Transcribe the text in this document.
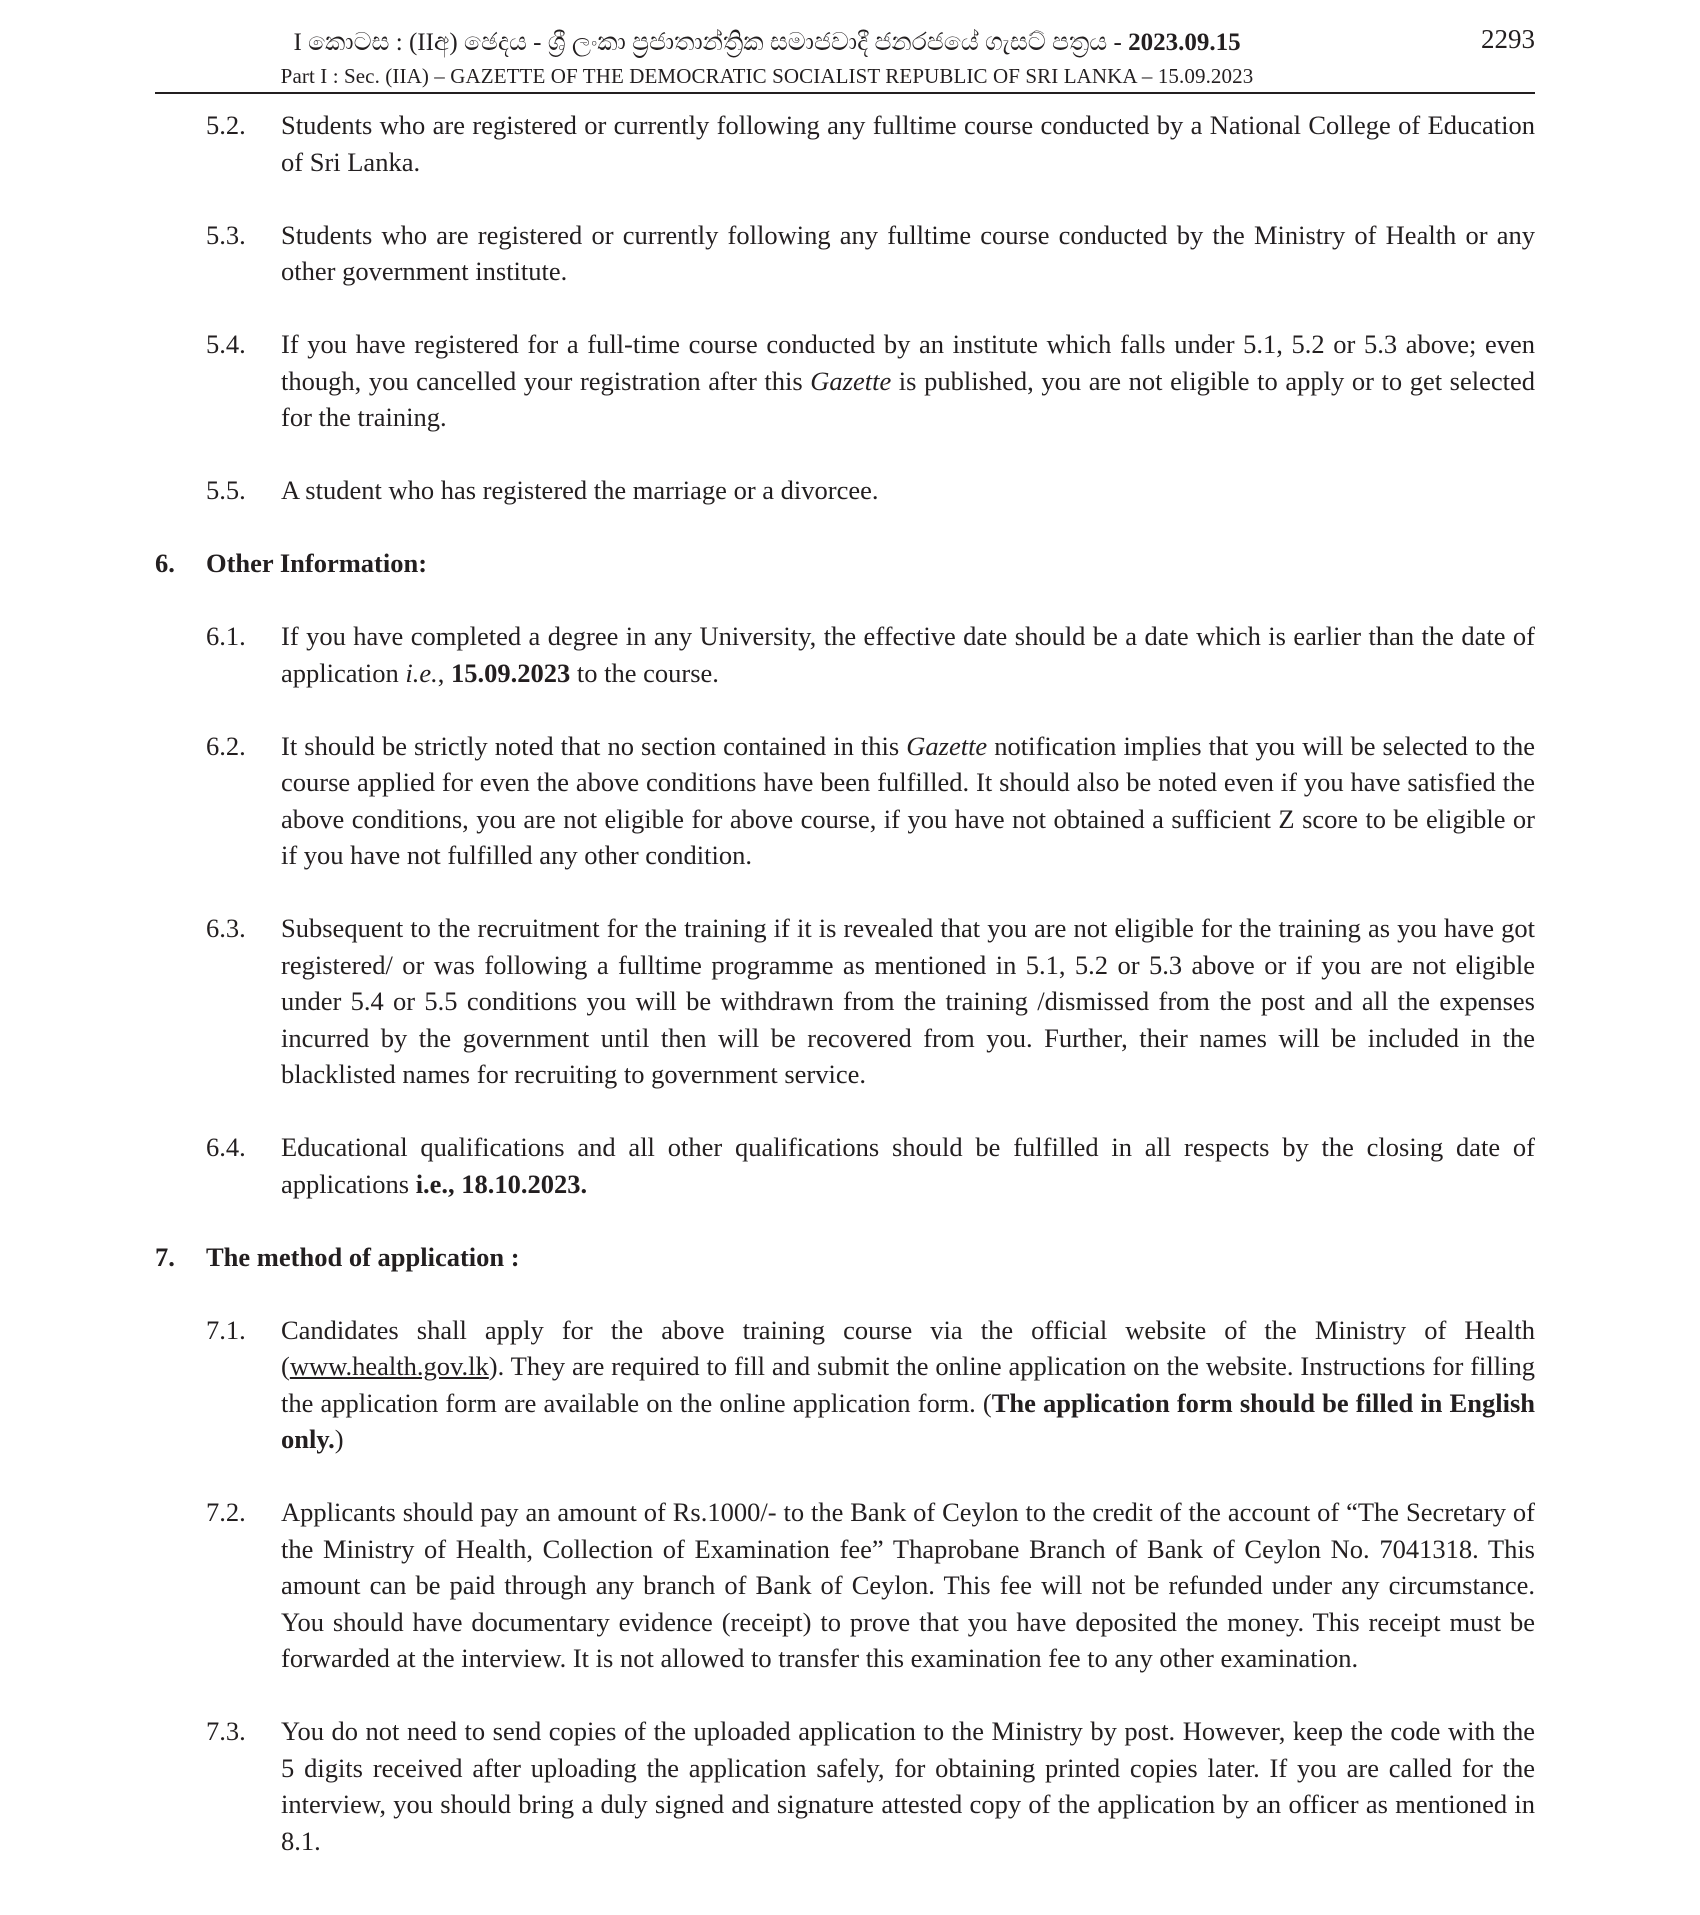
I කොටස : (IIඅ) ඡෙදය - ශ්‍රී ලංකා ප්‍රජාතාන්ත්‍රික සමාජවාදී ජනරජයේ ගැසට් පත්‍රය - 2023.09.15	2293
Part I : Sec. (IIA) – GAZETTE OF THE DEMOCRATIC SOCIALIST REPUBLIC OF SRI LANKA – 15.09.2023
5.2. Students who are registered or currently following any fulltime course conducted by a National College of Education of Sri Lanka.
5.3. Students who are registered or currently following any fulltime course conducted by the Ministry of Health or any other government institute.
5.4. If you have registered for a full-time course conducted by an institute which falls under 5.1, 5.2 or 5.3 above; even though, you cancelled your registration after this Gazette is published, you are not eligible to apply or to get selected for the training.
5.5. A student who has registered the marriage or a divorcee.
6. Other Information:
6.1. If you have completed a degree in any University, the effective date should be a date which is earlier than the date of application i.e., 15.09.2023 to the course.
6.2. It should be strictly noted that no section contained in this Gazette notification implies that you will be selected to the course applied for even the above conditions have been fulfilled. It should also be noted even if you have satisfied the above conditions, you are not eligible for above course, if you have not obtained a sufficient Z score to be eligible or if you have not fulfilled any other condition.
6.3. Subsequent to the recruitment for the training if it is revealed that you are not eligible for the training as you have got registered/ or was following a fulltime programme as mentioned in 5.1, 5.2 or 5.3 above or if you are not eligible under 5.4 or 5.5 conditions you will be withdrawn from the training /dismissed from the post and all the expenses incurred by the government until then will be recovered from you. Further, their names will be included in the blacklisted names for recruiting to government service.
6.4. Educational qualifications and all other qualifications should be fulfilled in all respects by the closing date of applications i.e., 18.10.2023.
7. The method of application :
7.1. Candidates shall apply for the above training course via the official website of the Ministry of Health (www.health.gov.lk). They are required to fill and submit the online application on the website. Instructions for filling the application form are available on the online application form. (The application form should be filled in English only.)
7.2. Applicants should pay an amount of Rs.1000/- to the Bank of Ceylon to the credit of the account of “The Secretary of the Ministry of Health, Collection of Examination fee” Thaprobane Branch of Bank of Ceylon No. 7041318. This amount can be paid through any branch of Bank of Ceylon. This fee will not be refunded under any circumstance. You should have documentary evidence (receipt) to prove that you have deposited the money. This receipt must be forwarded at the interview. It is not allowed to transfer this examination fee to any other examination.
7.3. You do not need to send copies of the uploaded application to the Ministry by post. However, keep the code with the 5 digits received after uploading the application safely, for obtaining printed copies later. If you are called for the interview, you should bring a duly signed and signature attested copy of the application by an officer as mentioned in 8.1.
